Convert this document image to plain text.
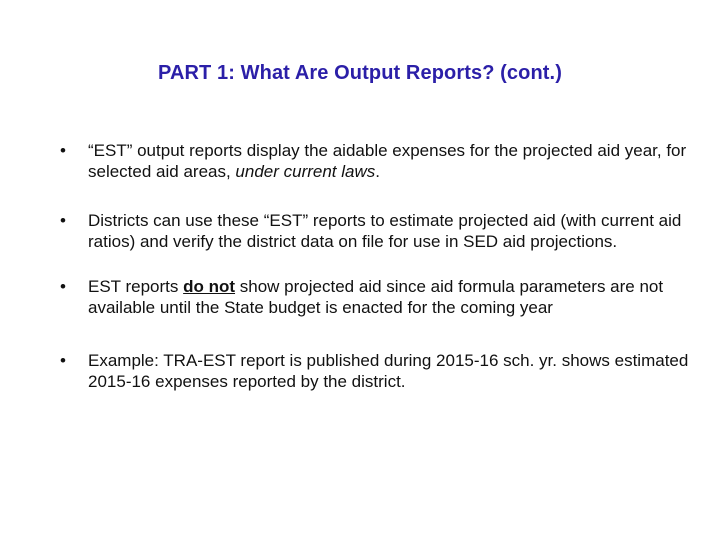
PART 1: What Are Output Reports? (cont.)
• “EST” output reports display the aidable expenses for the projected aid year, for selected aid areas, under current laws.
• Districts can use these “EST” reports to estimate projected aid (with current aid ratios) and verify the district data on file for use in SED aid projections.
• EST reports do not show projected aid since aid formula parameters are not available until the State budget is enacted for the coming year
• Example: TRA-EST report is published during 2015-16 sch. yr. shows estimated 2015-16 expenses reported by the district.
